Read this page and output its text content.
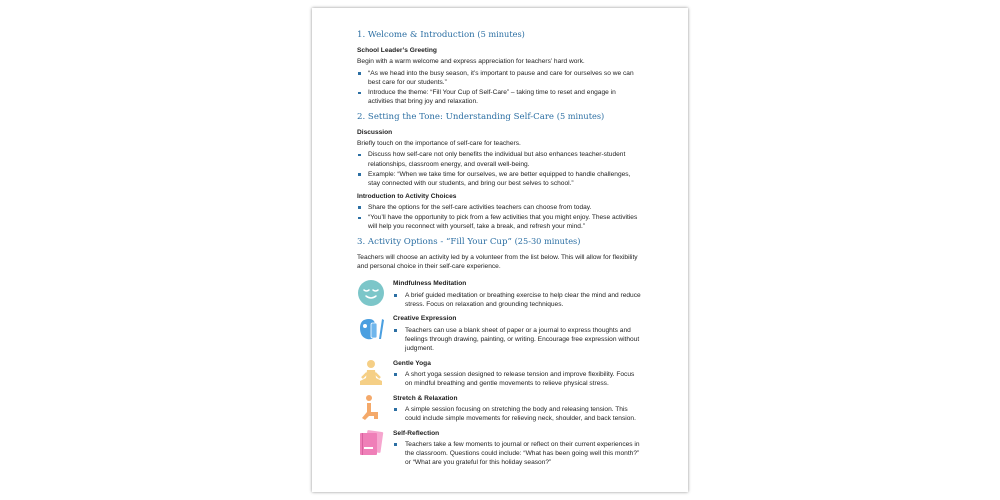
1. Welcome & Introduction (5 minutes)
School Leader’s Greeting

Begin with a warm welcome and express appreciation for teachers’ hard work.

“As we head into the busy season, it’s important to pause and care for ourselves so we can best care for our students.”
Introduce the theme: “Fill Your Cup of Self-Care” – taking time to reset and engage in activities that bring joy and relaxation.
2. Setting the Tone: Understanding Self-Care (5 minutes)
Discussion

Briefly touch on the importance of self-care for teachers.

Discuss how self-care not only benefits the individual but also enhances teacher-student relationships, classroom energy, and overall well-being.
Example: “When we take time for ourselves, we are better equipped to handle challenges, stay connected with our students, and bring our best selves to school.”
Introduction to Activity Choices
Share the options for the self-care activities teachers can choose from today.
“You’ll have the opportunity to pick from a few activities that you might enjoy. These activities will help you reconnect with yourself, take a break, and refresh your mind.”
3. Activity Options - “Fill Your Cup” (25-30 minutes)

Teachers will choose an activity led by a volunteer from the list below. This will allow for flexibility and personal choice in their self-care experience.

Mindfulness Meditation
A brief guided meditation or breathing exercise to help clear the mind and reduce stress. Focus on relaxation and grounding techniques.
Creative Expression
Teachers can use a blank sheet of paper or a journal to express thoughts and feelings through drawing, painting, or writing. Encourage free expression without judgment.
Gentle Yoga
A short yoga session designed to release tension and improve flexibility. Focus on mindful breathing and gentle movements to relieve physical stress.
Stretch & Relaxation
A simple session focusing on stretching the body and releasing tension. This could include simple movements for relieving neck, shoulder, and back tension.
Self-Reflection
Teachers take a few moments to journal or reflect on their current experiences in the classroom. Questions could include: “What has been going well this month?” or “What are you grateful for this holiday season?”
